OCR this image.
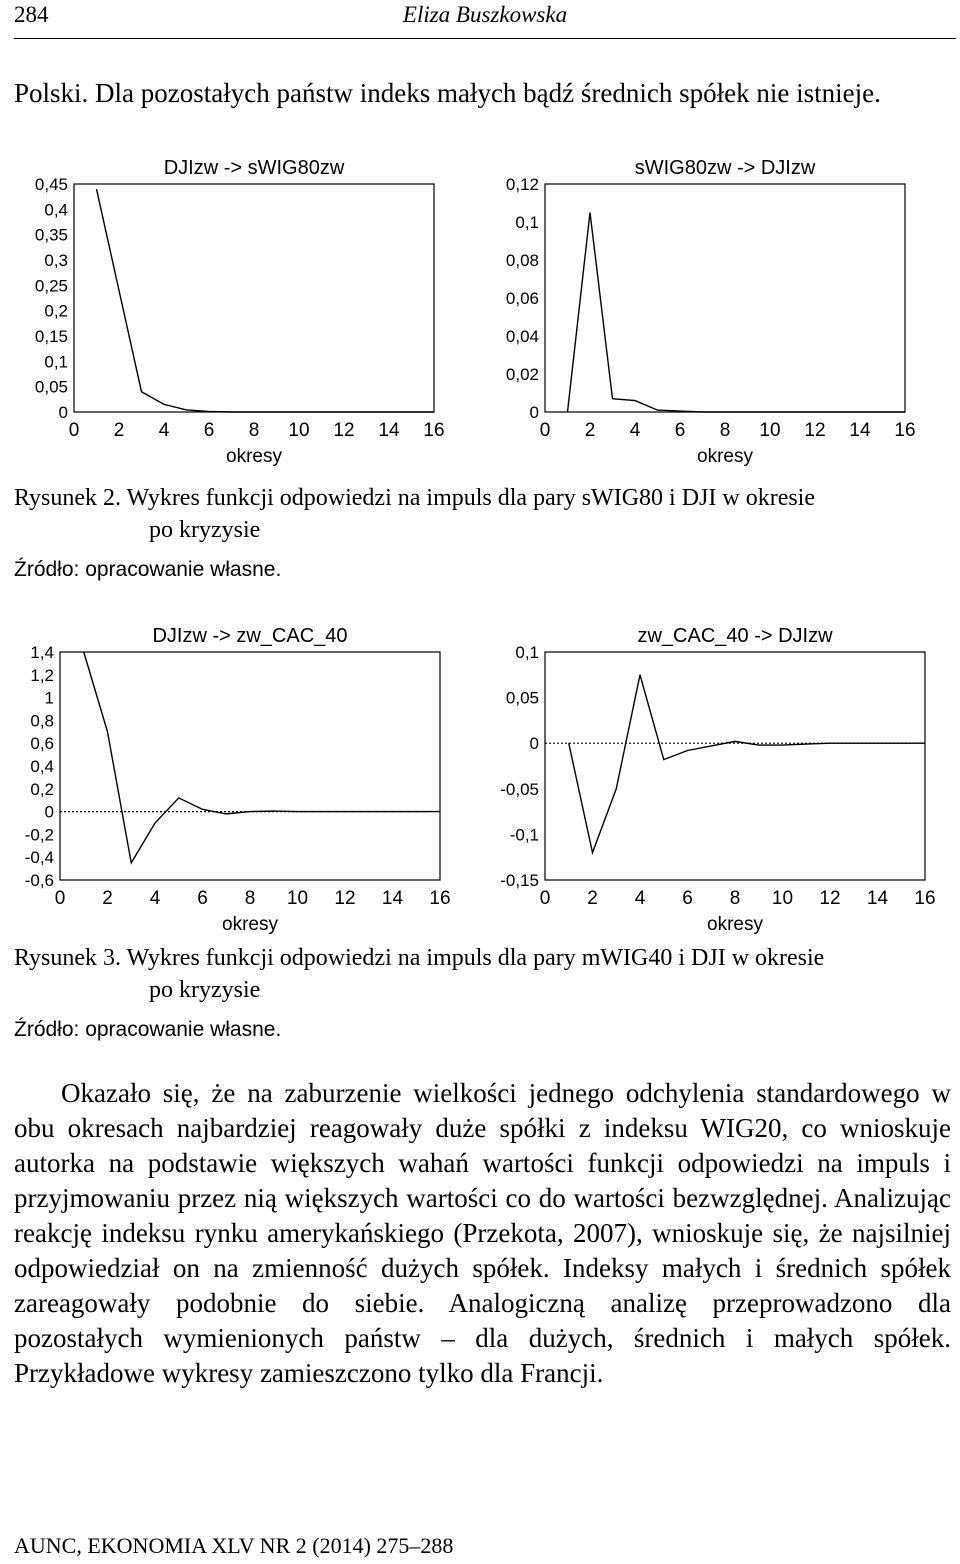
284	Eliza Buszkowska
Polski. Dla pozostałych państw indeks małych bądź średnich spółek nie istnieje.
DJIzw -> sWIG80zw
0 2 4 6 8 10 12 14 16
0
0,05
0,1
0,15
0,2
0,25
0,3
0,35
0,4
0,45
okresy
sWIG80zw -> DJIzw
0 2 4 6 8 10 12 14 16
0
0,02
0,04
0,06
0,08
0,1
0,12
okresy
Rysunek 2. Wykres funkcji odpowiedzi na impuls dla pary sWIG80 i DJI w okresie
po kryzysie
Źródło: opracowanie własne.
DJIzw -> zw_CAC_40
0 2 4 6 8 10 12 14 16
-0,6
-0,4
-0,2
0
0,2
0,4
0,6
0,8
1
1,2
1,4
okresy
zw_CAC_40 -> DJIzw
0 2 4 6 8 10 12 14 16
-0,15
-0,1
-0,05
0
0,05
0,1
okresy
Rysunek 3. Wykres funkcji odpowiedzi na impuls dla pary mWIG40 i DJI w okresie
po kryzysie
Źródło: opracowanie własne.
Okazało się, że na zaburzenie wielkości jednego odchylenia standardowego w obu okresach najbardziej reagowały duże spółki z indeksu WIG20, co wnioskuje autorka na podstawie większych wahań wartości funkcji odpowiedzi na impuls i przyjmowaniu przez nią większych wartości co do wartości bezwzględnej. Analizując reakcję indeksu rynku amerykańskiego (Przekota, 2007), wnioskuje się, że najsilniej odpowiedział on na zmienność dużych spółek. Indeksy małych i średnich spółek zareagowały podobnie do siebie. Analogiczną analizę przeprowadzono dla pozostałych wymienionych państw – dla dużych, średnich i małych spółek. Przykładowe wykresy zamieszczono tylko dla Francji.
AUNC, EKONOMIA XLV NR 2 (2014) 275–288
